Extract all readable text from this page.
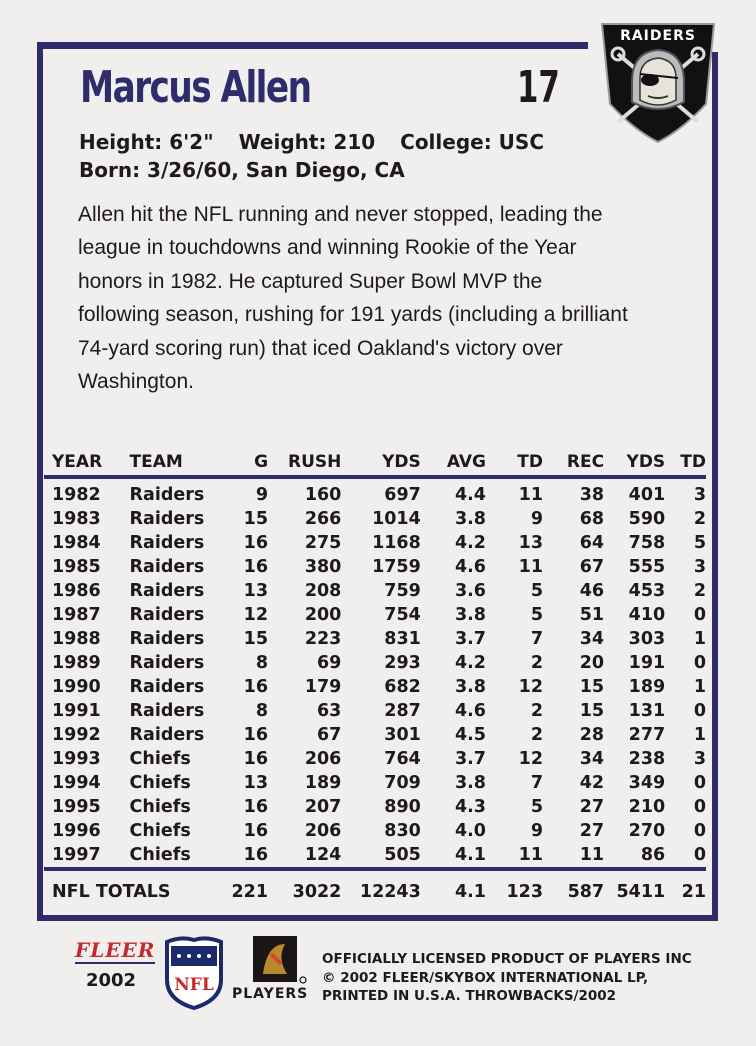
RAIDERS
Marcus Allen	17
Height: 6'2" Weight: 210 College: USC
Born: 3/26/60, San Diego, CA
Allen hit the NFL running and never stopped, leading the
league in touchdowns and winning Rookie of the Year
honors in 1982. He captured Super Bowl MVP the
following season, rushing for 191 yards (including a brilliant
74-yard scoring run) that iced Oakland's victory over
Washington.
YEAR	TEAM	G	RUSH	YDS	AVG	TD	REC	YDS	TD
1982	Raiders	9	160	697	4.4	11	38	401	3
1983	Raiders	15	266	1014	3.8	9	68	590	2
1984	Raiders	16	275	1168	4.2	13	64	758	5
1985	Raiders	16	380	1759	4.6	11	67	555	3
1986	Raiders	13	208	759	3.6	5	46	453	2
1987	Raiders	12	200	754	3.8	5	51	410	0
1988	Raiders	15	223	831	3.7	7	34	303	1
1989	Raiders	8	69	293	4.2	2	20	191	0
1990	Raiders	16	179	682	3.8	12	15	189	1
1991	Raiders	8	63	287	4.6	2	15	131	0
1992	Raiders	16	67	301	4.5	2	28	277	1
1993	Chiefs	16	206	764	3.7	12	34	238	3
1994	Chiefs	13	189	709	3.8	7	42	349	0
1995	Chiefs	16	207	890	4.3	5	27	210	0
1996	Chiefs	16	206	830	4.0	9	27	270	0
1997	Chiefs	16	124	505	4.1	11	11	86	0
NFL TOTALS		221	3022	12243	4.1	123	587	5411	21
FLEER
2002	NFL PLAYERS
OFFICIALLY LICENSED PRODUCT OF PLAYERS INC
© 2002 FLEER/SKYBOX INTERNATIONAL LP,
PRINTED IN U.S.A. THROWBACKS/2002
